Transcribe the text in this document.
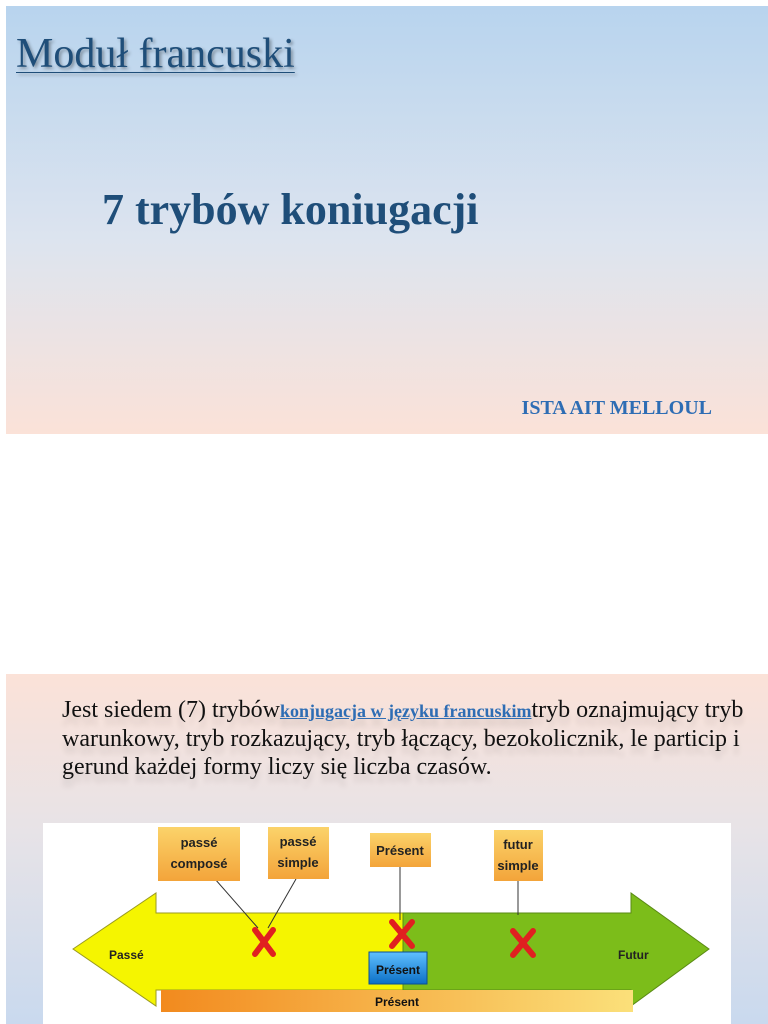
Moduł francuski
7 trybów koniugacji
ISTA AIT MELLOUL
Jest siedem (7) trybówkonjugacja w języku francuskimtryb oznajmujący tryb warunkowy, tryb rozkazujący, tryb łączący, bezokolicznik, le particip i gerund każdej formy liczy się liczba czasów.
passé
composé
passé
simple
Présent	futur
simple
Passé	Futur
Présent
Présent
